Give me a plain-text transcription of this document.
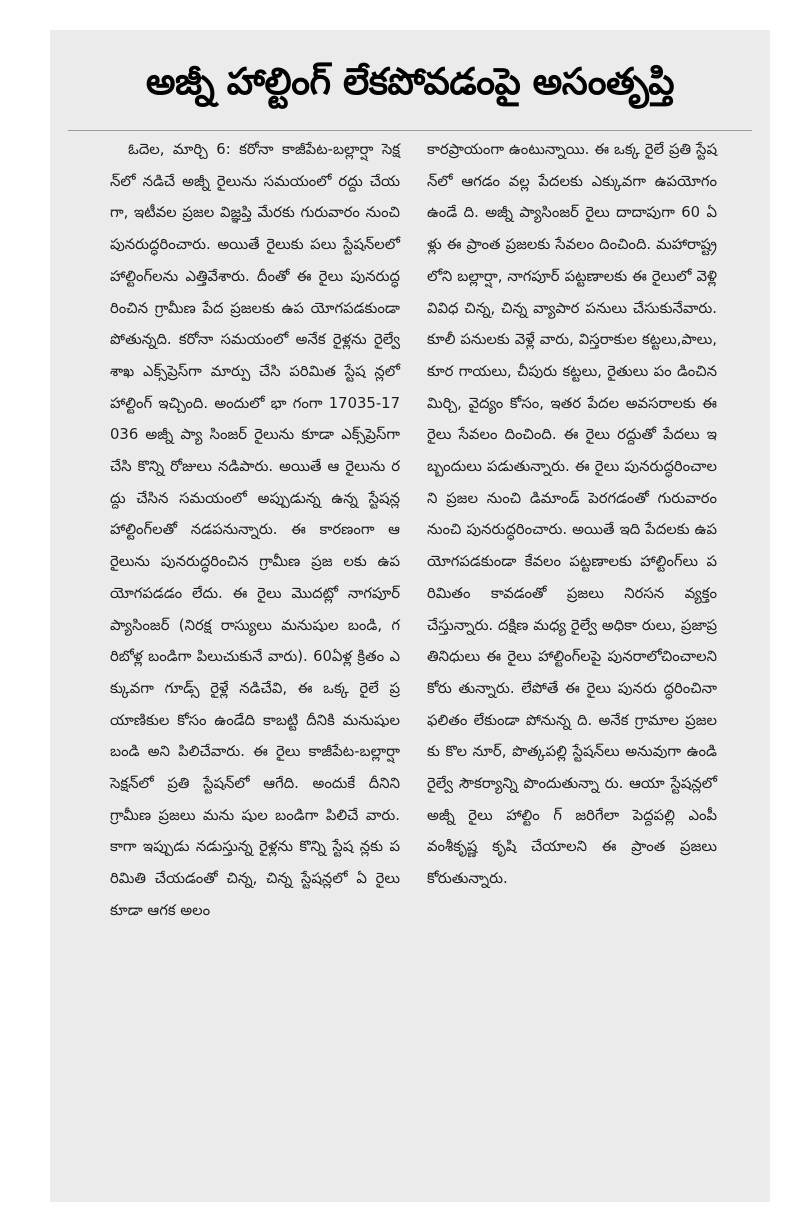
అజ్నీ హాల్టింగ్ లేకపోవడంపై అసంతృప్తి

ఓదెల, మార్చి 6: కరోనా కాజీపేట-బల్లార్షా సెక్షన్‌లో నడిచే అజ్నీ రైలును సమయంలో రద్దు చేయగా, ఇటీవల ప్రజల విజ్ఞప్తి మేరకు గురువారం నుంచి పునరుద్ధరించారు. అయితే రైలుకు పలు స్టేషన్‌లలో హాల్టింగ్‌లను ఎత్తివేశారు. దీంతో ఈ రైలు పునరుద్ధ రించిన గ్రామీణ పేద ప్రజలకు ఉప యోగపడకుండా పోతున్నది. కరోనా సమయంలో అనేక రైళ్లను రైల్వే శాఖ ఎక్స్‌ప్రెస్‌గా మార్పు చేసి పరిమిత స్టేష న్లలో హాల్టింగ్ ఇచ్చింది. అందులో భా గంగా 17035-17036 అజ్నీ ప్యా సింజర్ రైలును కూడా ఎక్స్‌ప్రెస్‌గా చేసి కొన్ని రోజులు నడిపారు. అయితే ఆ రైలును రద్దు చేసిన సమయంలో అప్పుడున్న ఉన్న స్టేషన్ల హాల్టింగ్‌లతో నడపనున్నారు. ఈ కారణంగా ఆ రైలును పునరుద్ధరించిన గ్రామీణ ప్రజ లకు ఉపయోగపడడం లేదు. ఈ రైలు మొదట్లో నాగపూర్ ప్యాసింజర్ (నిరక్ష రాస్యులు మనుషుల బండి, గరిబోళ్ల బండిగా పిలుచుకునే వారు). 60ఏళ్ల క్రితం ఎక్కువగా గూడ్స్ రైళ్లే నడిచేవి, ఈ ఒక్క రైలే ప్రయాణికుల కోసం ఉండేది కాబట్టి దీనికి మనుషుల బండి అని పిలిచేవారు. ఈ రైలు కాజీపేట-బల్లార్షా సెక్షన్‌లో ప్రతి స్టేషన్‌లో ఆగేది. అందుకే దీనిని గ్రామీణ ప్రజలు మను షుల బండిగా పిలిచే వారు. కాగా ఇప్పుడు నడుస్తున్న రైళ్లను కొన్ని స్టేష న్లకు పరిమితి చేయడంతో చిన్న, చిన్న స్టేషన్లలో ఏ రైలు కూడా ఆగక అలం

కారప్రాయంగా ఉంటున్నాయి. ఈ ఒక్క రైలే ప్రతి స్టేషన్‌లో ఆగడం వల్ల పేదలకు ఎక్కువగా ఉపయోగం ఉండే ది. అజ్నీ ప్యాసింజర్ రైలు దాదాపుగా 60 ఏళ్లు ఈ ప్రాంత ప్రజలకు సేవలం దించింది. మహారాష్ట్రలోని బల్లార్షా, నాగపూర్ పట్టణాలకు ఈ రైలులో వెళ్లి వివిధ చిన్న, చిన్న వ్యాపార పనులు చేసుకునేవారు. కూలీ పనులకు వెళ్లే వారు, విస్తరాకుల కట్టలు,పాలు, కూర గాయలు, చీపురు కట్టలు, రైతులు పం డించిన మిర్చి, వైద్యం కోసం, ఇతర పేదల అవసరాలకు ఈ రైలు సేవలం దించింది. ఈ రైలు రద్దుతో పేదలు ఇబ్బందులు పడుతున్నారు. ఈ రైలు పునరుద్ధరించాలని ప్రజల నుంచి డిమాండ్ పెరగడంతో గురువారం నుంచి పునరుద్ధరించారు. అయితే ఇది పేదలకు ఉపయోగపడకుండా కేవలం పట్టణాలకు హాల్టింగ్‌లు పరిమితం కావడంతో ప్రజలు నిరసన వ్యక్తం చేస్తున్నారు. దక్షిణ మధ్య రైల్వే అధికా రులు, ప్రజాప్రతినిధులు ఈ రైలు హాల్టింగ్‌లపై పునరాలోచించాలని కోరు తున్నారు. లేపోతే ఈ రైలు పునరు ద్ధరించినా ఫలితం లేకుండా పోనున్న ది. అనేక గ్రామాల ప్రజలకు కొల నూర్, పొత్కపల్లి స్టేషన్‌లు అనువుగా ఉండి రైల్వే సౌకర్యాన్ని పొందుతున్నా రు. ఆయా స్టేషన్లలో అజ్నీ రైలు హాల్టిం గ్ జరిగేలా పెద్దపల్లి ఎంపీ వంశీకృష్ణ కృషి చేయాలని ఈ ప్రాంత ప్రజలు కోరుతున్నారు.
